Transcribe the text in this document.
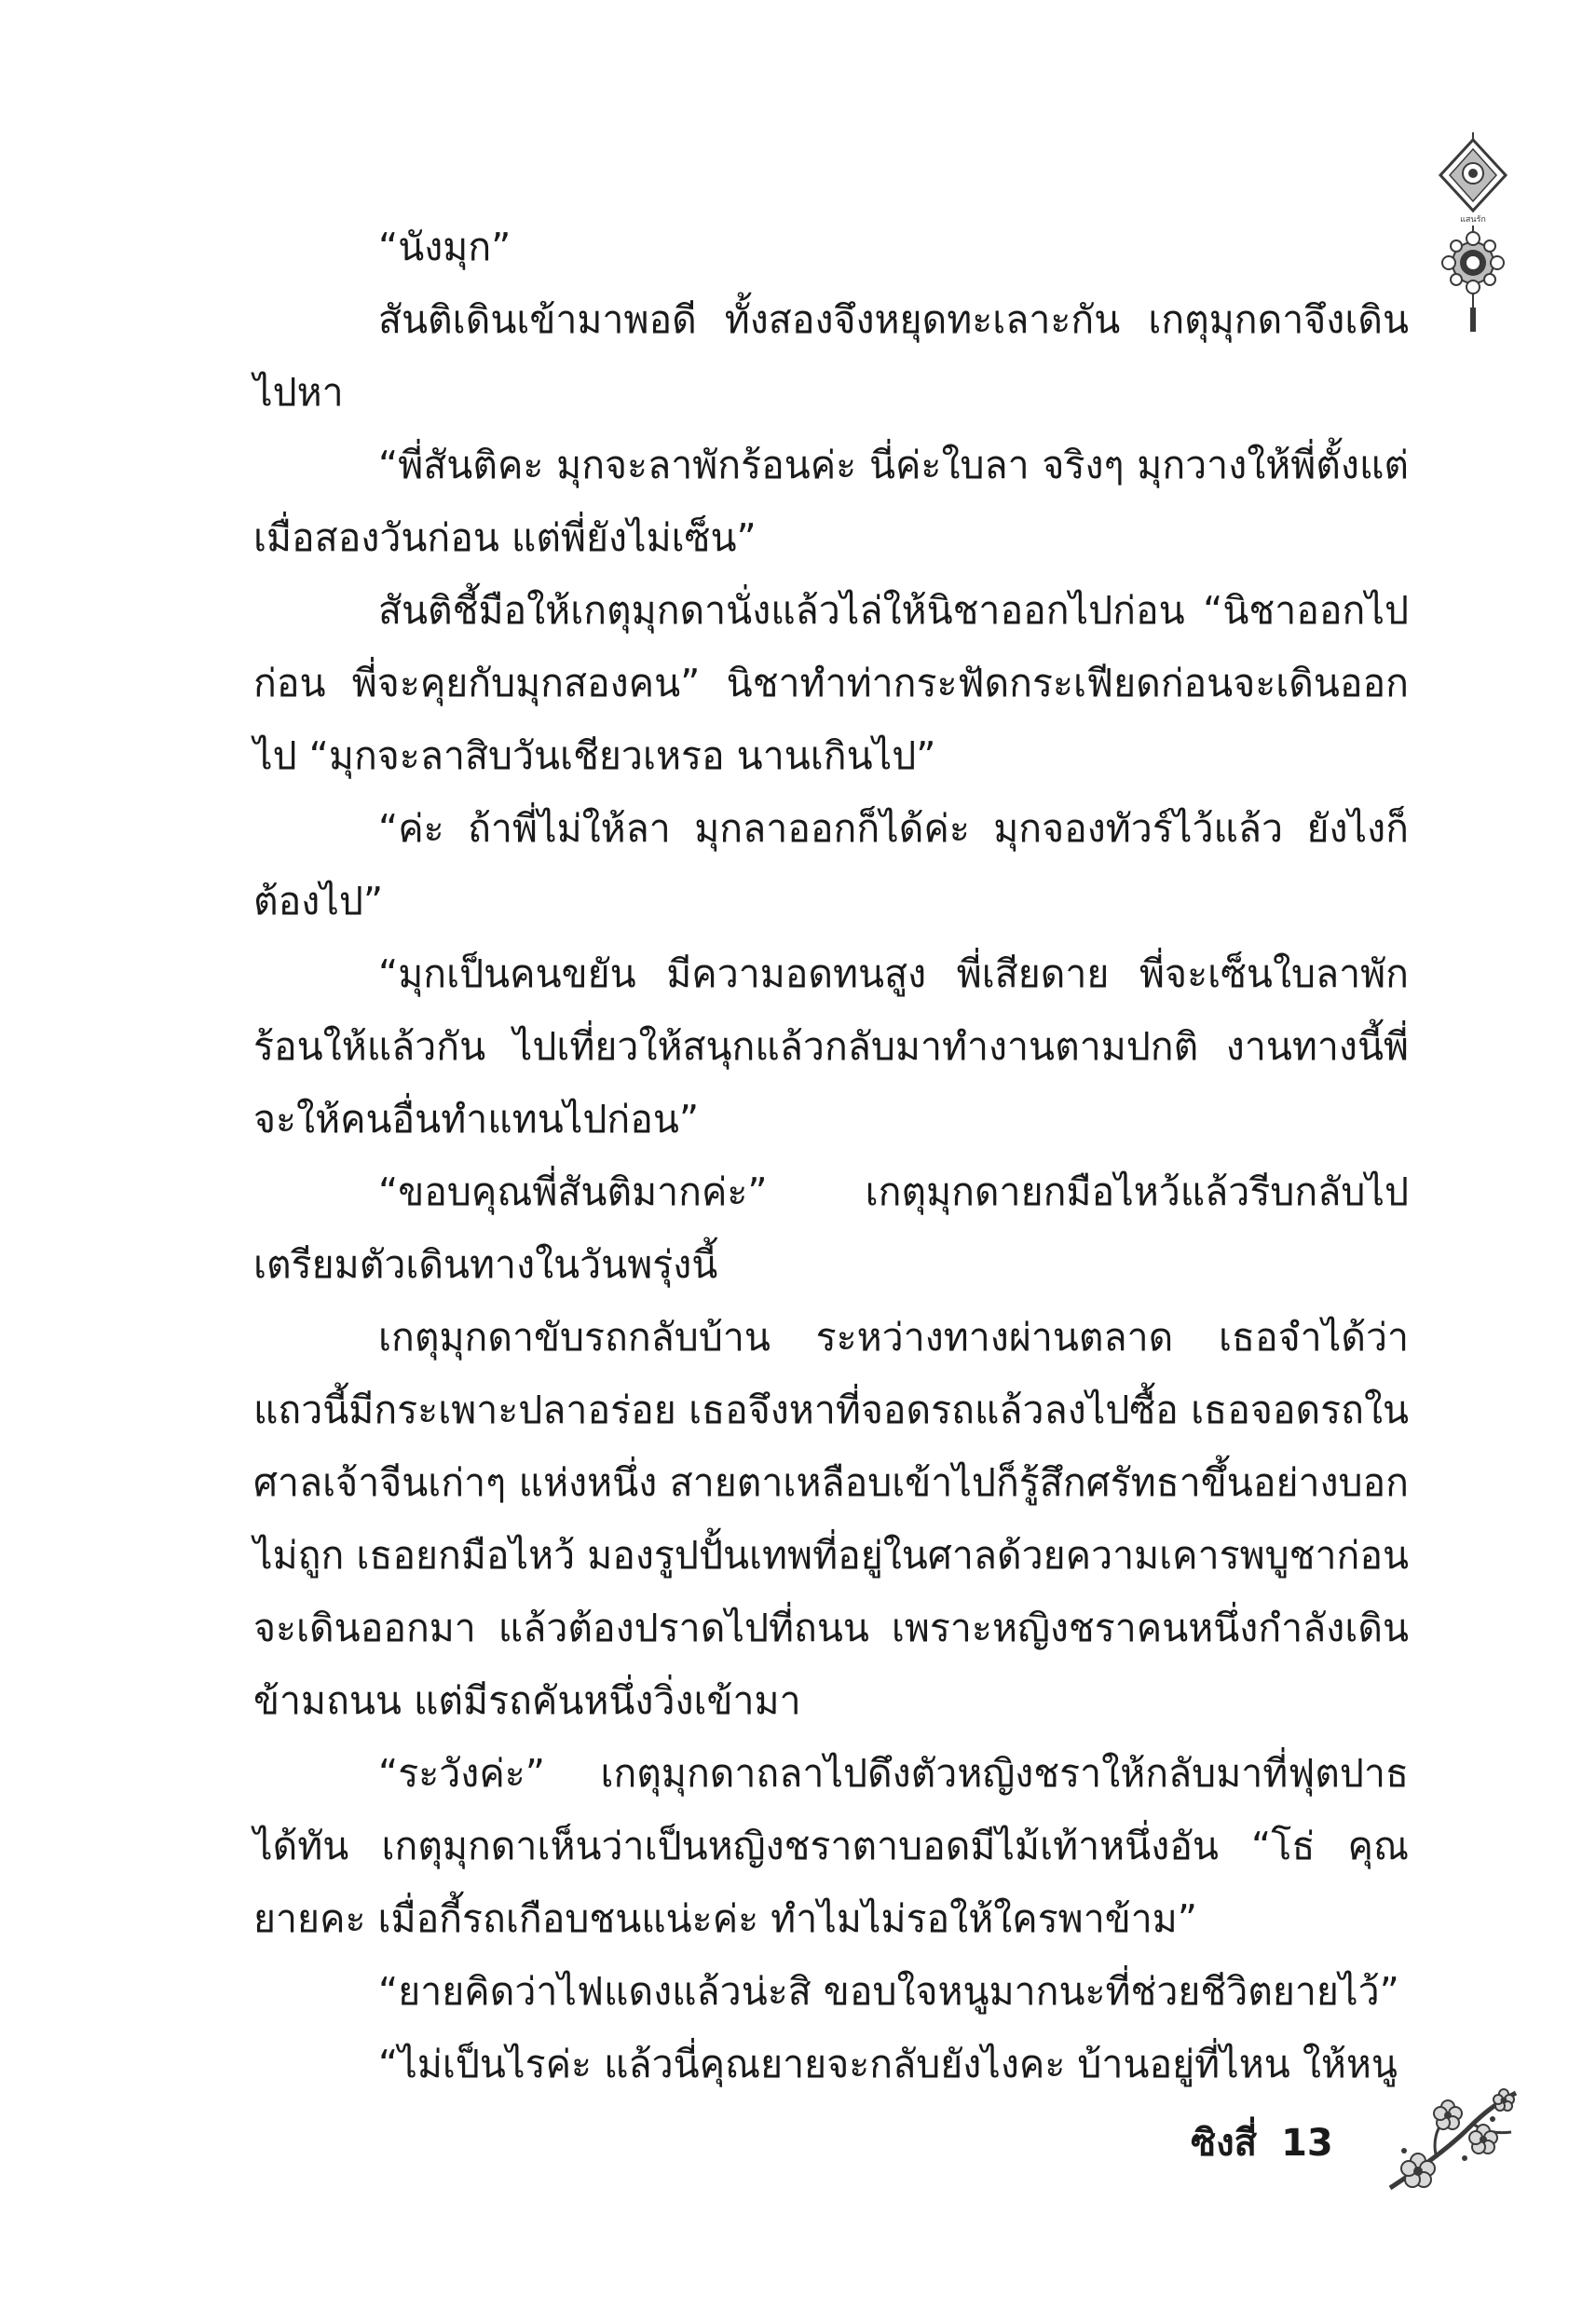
แสนรัก

“นังมุก”

สันติเดินเข้ามาพอดี ทั้งสองจึงหยุดทะเลาะกัน เกตุมุกดาจึงเดินไปหา

“พี่สันติคะ มุกจะลาพักร้อนค่ะ นี่ค่ะใบลา จริงๆ มุกวางให้พี่ตั้งแต่เมื่อสองวันก่อน แต่พี่ยังไม่เซ็น”

สันติชี้มือให้เกตุมุกดานั่งแล้วไล่ให้นิชาออกไปก่อน “นิชาออกไปก่อน พี่จะคุยกับมุกสองคน” นิชาทำท่ากระฟัดกระเฟียดก่อนจะเดินออกไป “มุกจะลาสิบวันเชียวเหรอ นานเกินไป”

“ค่ะ ถ้าพี่ไม่ให้ลา มุกลาออกก็ได้ค่ะ มุกจองทัวร์ไว้แล้ว ยังไงก็ต้องไป”

“มุกเป็นคนขยัน มีความอดทนสูง พี่เสียดาย พี่จะเซ็นใบลาพักร้อนให้แล้วกัน ไปเที่ยวให้สนุกแล้วกลับมาทำงานตามปกติ งานทางนี้พี่จะให้คนอื่นทำแทนไปก่อน”

“ขอบคุณพี่สันติมากค่ะ” เกตุมุกดายกมือไหว้แล้วรีบกลับไปเตรียมตัวเดินทางในวันพรุ่งนี้

เกตุมุกดาขับรถกลับบ้าน ระหว่างทางผ่านตลาด เธอจำได้ว่าแถวนี้มีกระเพาะปลาอร่อย เธอจึงหาที่จอดรถแล้วลงไปซื้อ เธอจอดรถในศาลเจ้าจีนเก่าๆ แห่งหนึ่ง สายตาเหลือบเข้าไปก็รู้สึกศรัทธาขึ้นอย่างบอกไม่ถูก เธอยกมือไหว้ มองรูปปั้นเทพที่อยู่ในศาลด้วยความเคารพบูชาก่อนจะเดินออกมา แล้วต้องปราดไปที่ถนน เพราะหญิงชราคนหนึ่งกำลังเดินข้ามถนน แต่มีรถคันหนึ่งวิ่งเข้ามา

“ระวังค่ะ” เกตุมุกดาถลาไปดึงตัวหญิงชราให้กลับมาที่ฟุตปาธได้ทัน เกตุมุกดาเห็นว่าเป็นหญิงชราตาบอดมีไม้เท้าหนึ่งอัน “โธ่ คุณยายคะ เมื่อกี้รถเกือบชนแน่ะค่ะ ทำไมไม่รอให้ใครพาข้าม”

“ยายคิดว่าไฟแดงแล้วน่ะสิ ขอบใจหนูมากนะที่ช่วยชีวิตยายไว้”

“ไม่เป็นไรค่ะ แล้วนี่คุณยายจะกลับยังไงคะ บ้านอยู่ที่ไหน ให้หนู

ซิงสี่ 13
